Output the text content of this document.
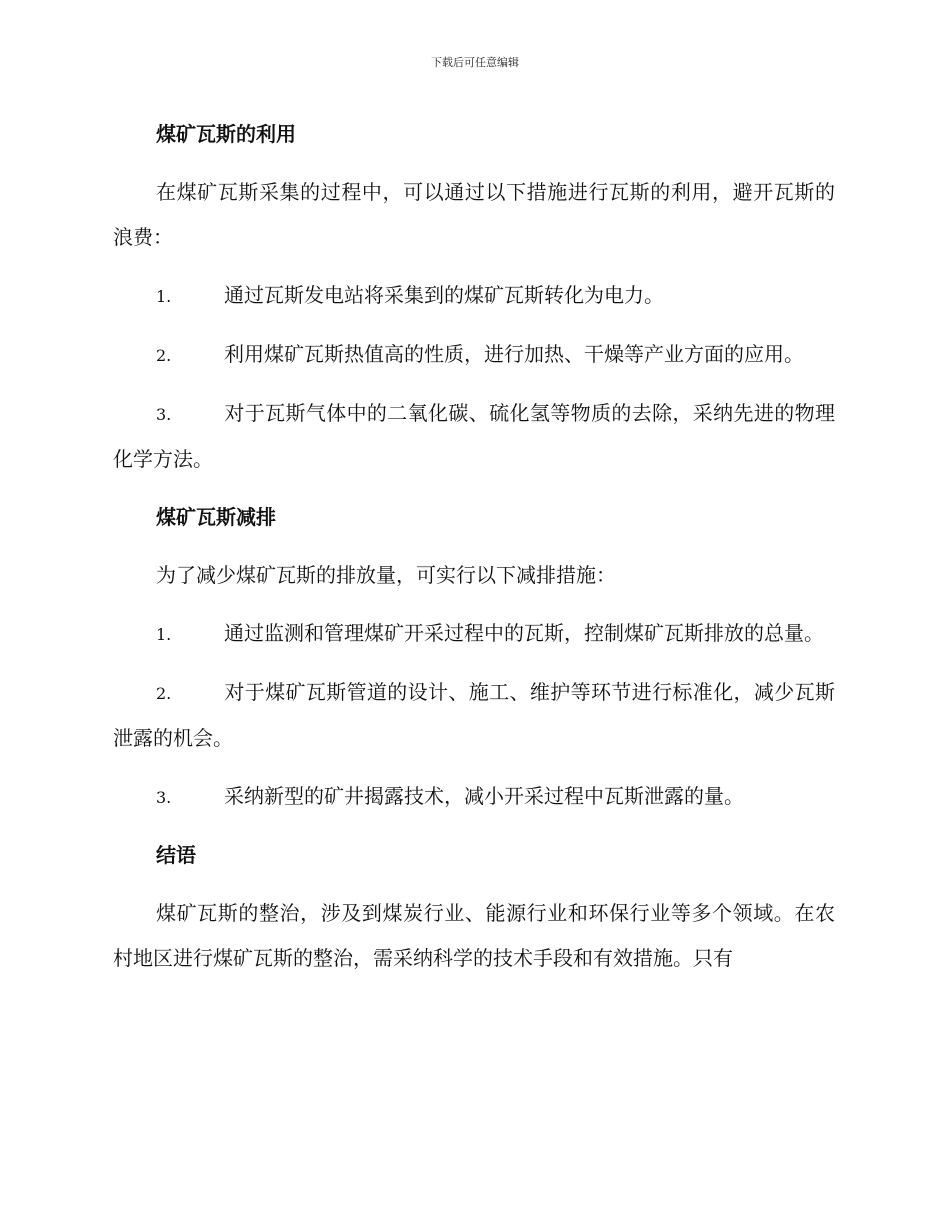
下载后可任意编辑
煤矿瓦斯的利用

在煤矿瓦斯采集的过程中，可以通过以下措施进行瓦斯的利用，避开瓦斯的浪费：

1.	通过瓦斯发电站将采集到的煤矿瓦斯转化为电力。

2.	利用煤矿瓦斯热值高的性质，进行加热、干燥等产业方面的应用。

3.	对于瓦斯气体中的二氧化碳、硫化氢等物质的去除，采纳先进的物理化学方法。

煤矿瓦斯减排

为了减少煤矿瓦斯的排放量，可实行以下减排措施：

1.	通过监测和管理煤矿开采过程中的瓦斯，控制煤矿瓦斯排放的总量。

2.	对于煤矿瓦斯管道的设计、施工、维护等环节进行标准化，减少瓦斯泄露的机会。

3.	采纳新型的矿井揭露技术，减小开采过程中瓦斯泄露的量。

结语

煤矿瓦斯的整治，涉及到煤炭行业、能源行业和环保行业等多个领域。在农村地区进行煤矿瓦斯的整治，需采纳科学的技术手段和有效措施。只有
